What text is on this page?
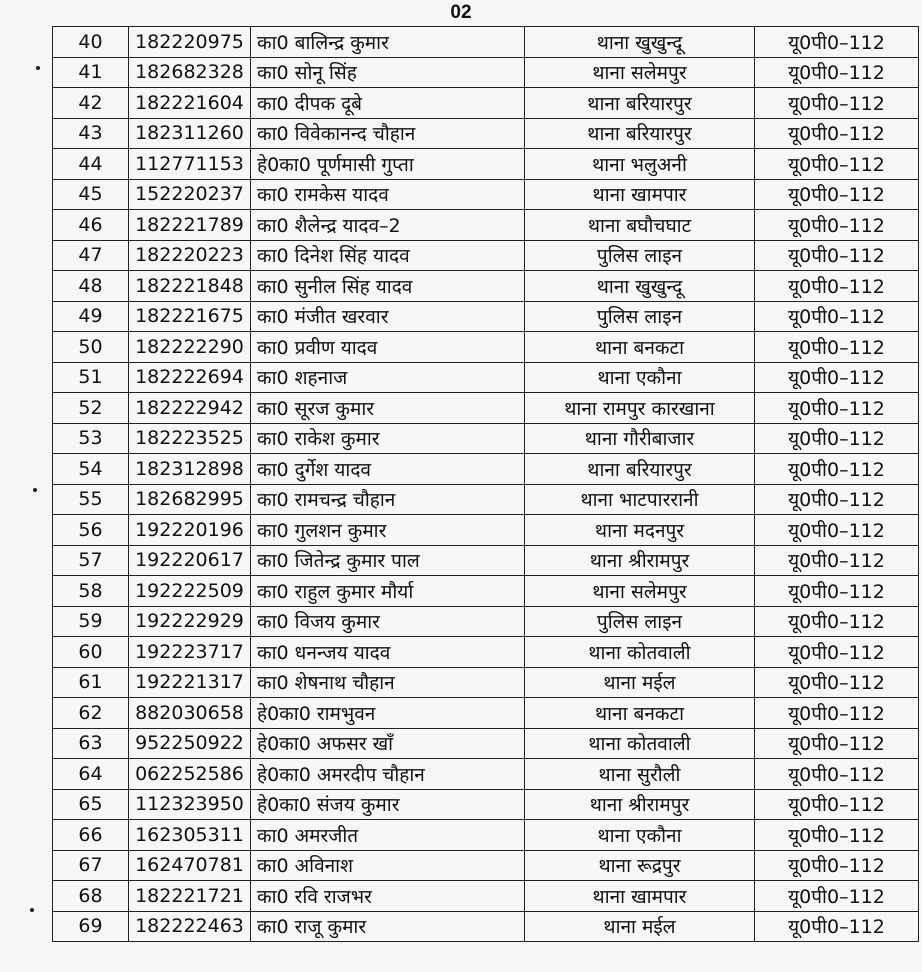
02
40	182220975	का0 बालिन्द्र कुमार	थाना खुखुन्दू	यू0पी0–112
41	182682328	का0 सोनू सिंह	थाना सलेमपुर	यू0पी0–112
42	182221604	का0 दीपक दूबे	थाना बरियारपुर	यू0पी0–112
43	182311260	का0 विवेकानन्द चौहान	थाना बरियारपुर	यू0पी0–112
44	112771153	हे0का0 पूर्णमासी गुप्ता	थाना भलुअनी	यू0पी0–112
45	152220237	का0 रामकेस यादव	थाना खामपार	यू0पी0–112
46	182221789	का0 शैलेन्द्र यादव–2	थाना बघौचघाट	यू0पी0–112
47	182220223	का0 दिनेश सिंह यादव	पुलिस लाइन	यू0पी0–112
48	182221848	का0 सुनील सिंह यादव	थाना खुखुन्दू	यू0पी0–112
49	182221675	का0 मंजीत खरवार	पुलिस लाइन	यू0पी0–112
50	182222290	का0 प्रवीण यादव	थाना बनकटा	यू0पी0–112
51	182222694	का0 शहनाज	थाना एकौना	यू0पी0–112
52	182222942	का0 सूरज कुमार	थाना रामपुर कारखाना	यू0पी0–112
53	182223525	का0 राकेश कुमार	थाना गौरीबाजार	यू0पी0–112
54	182312898	का0 दुर्गेश यादव	थाना बरियारपुर	यू0पी0–112
55	182682995	का0 रामचन्द्र चौहान	थाना भाटपाररानी	यू0पी0–112
56	192220196	का0 गुलशन कुमार	थाना मदनपुर	यू0पी0–112
57	192220617	का0 जितेन्द्र कुमार पाल	थाना श्रीरामपुर	यू0पी0–112
58	192222509	का0 राहुल कुमार मौर्या	थाना सलेमपुर	यू0पी0–112
59	192222929	का0 विजय कुमार	पुलिस लाइन	यू0पी0–112
60	192223717	का0 धनन्जय यादव	थाना कोतवाली	यू0पी0–112
61	192221317	का0 शेषनाथ चौहान	थाना मईल	यू0पी0–112
62	882030658	हे0का0 रामभुवन	थाना बनकटा	यू0पी0–112
63	952250922	हे0का0 अफसर खाँ	थाना कोतवाली	यू0पी0–112
64	062252586	हे0का0 अमरदीप चौहान	थाना सुरौली	यू0पी0–112
65	112323950	हे0का0 संजय कुमार	थाना श्रीरामपुर	यू0पी0–112
66	162305311	का0 अमरजीत	थाना एकौना	यू0पी0–112
67	162470781	का0 अविनाश	थाना रूद्रपुर	यू0पी0–112
68	182221721	का0 रवि राजभर	थाना खामपार	यू0पी0–112
69	182222463	का0 राजू कुमार	थाना मईल	यू0पी0–112
